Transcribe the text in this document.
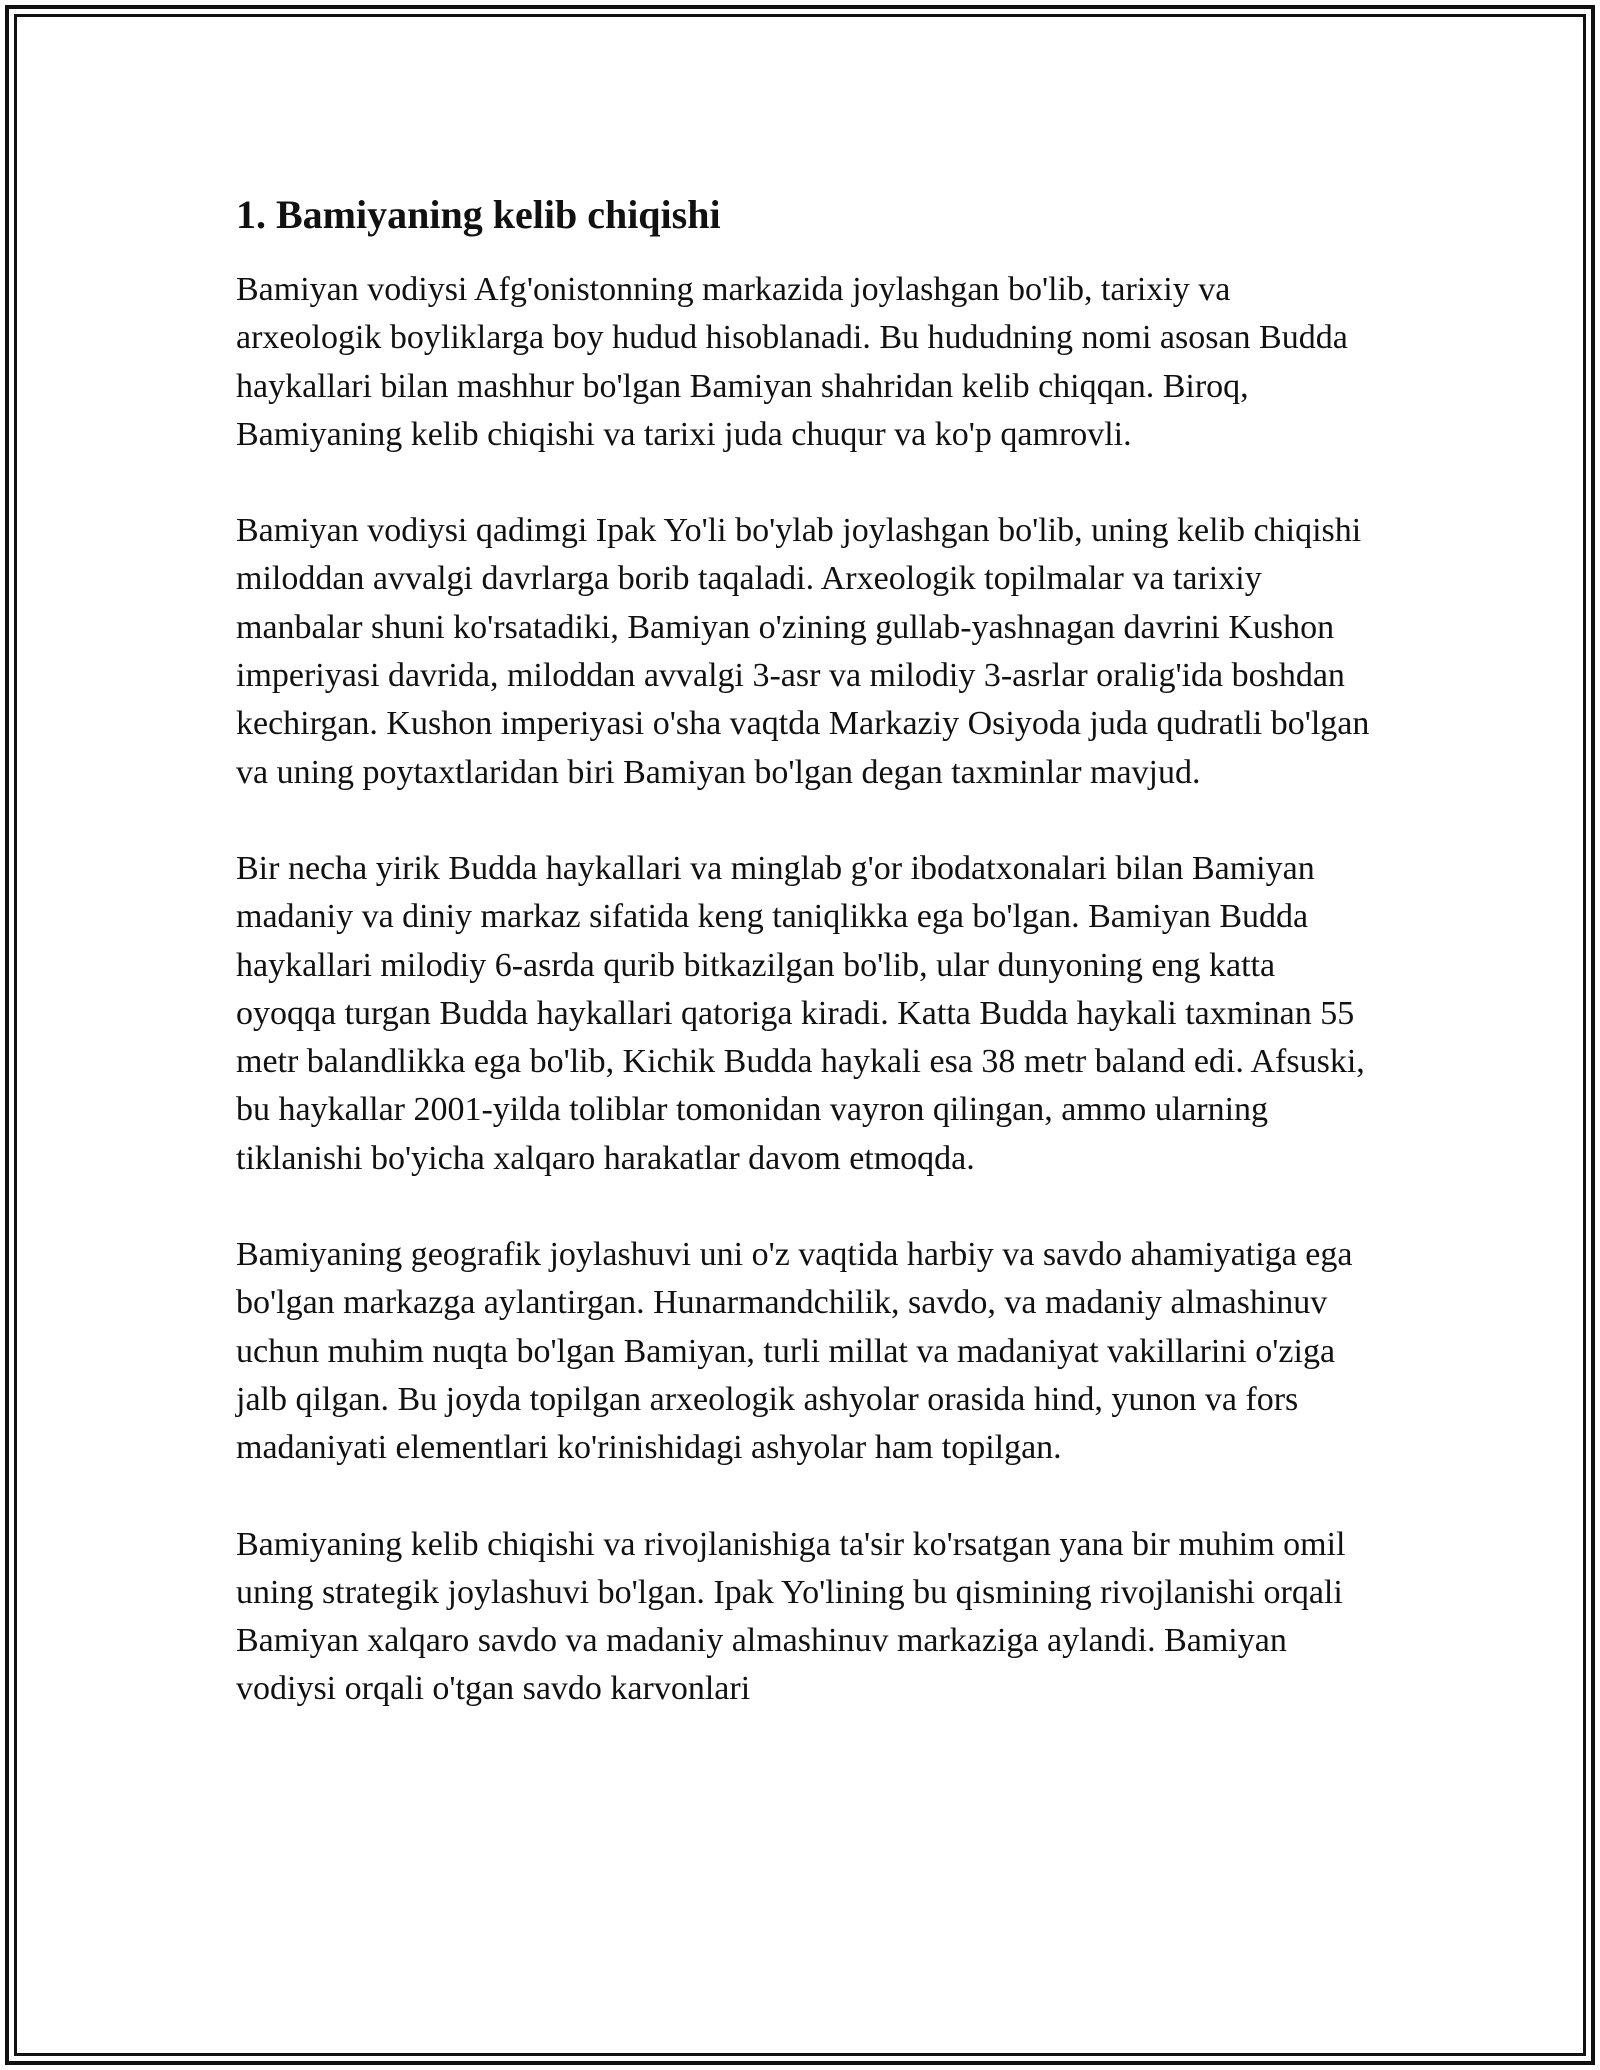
1. Bamiyaning kelib chiqishi

Bamiyan vodiysi Afg'onistonning markazida joylashgan bo'lib, tarixiy va arxeologik boyliklarga boy hudud hisoblanadi. Bu hududning nomi asosan Budda haykallari bilan mashhur bo'lgan Bamiyan shahridan kelib chiqqan. Biroq, Bamiyaning kelib chiqishi va tarixi juda chuqur va ko'p qamrovli.

Bamiyan vodiysi qadimgi Ipak Yo'li bo'ylab joylashgan bo'lib, uning kelib chiqishi miloddan avvalgi davrlarga borib taqaladi. Arxeologik topilmalar va tarixiy manbalar shuni ko'rsatadiki, Bamiyan o'zining gullab-yashnagan davrini Kushon imperiyasi davrida, miloddan avvalgi 3-asr va milodiy 3-asrlar oralig'ida boshdan kechirgan. Kushon imperiyasi o'sha vaqtda Markaziy Osiyoda juda qudratli bo'lgan va uning poytaxtlaridan biri Bamiyan bo'lgan degan taxminlar mavjud.

Bir necha yirik Budda haykallari va minglab g'or ibodatxonalari bilan Bamiyan madaniy va diniy markaz sifatida keng taniqlikka ega bo'lgan. Bamiyan Budda haykallari milodiy 6-asrda qurib bitkazilgan bo'lib, ular dunyoning eng katta oyoqqa turgan Budda haykallari qatoriga kiradi. Katta Budda haykali taxminan 55 metr balandlikka ega bo'lib, Kichik Budda haykali esa 38 metr baland edi. Afsuski, bu haykallar 2001-yilda toliblar tomonidan vayron qilingan, ammo ularning tiklanishi bo'yicha xalqaro harakatlar davom etmoqda.

Bamiyaning geografik joylashuvi uni o'z vaqtida harbiy va savdo ahamiyatiga ega bo'lgan markazga aylantirgan. Hunarmandchilik, savdo, va madaniy almashinuv uchun muhim nuqta bo'lgan Bamiyan, turli millat va madaniyat vakillarini o'ziga jalb qilgan. Bu joyda topilgan arxeologik ashyolar orasida hind, yunon va fors madaniyati elementlari ko'rinishidagi ashyolar ham topilgan.

Bamiyaning kelib chiqishi va rivojlanishiga ta'sir ko'rsatgan yana bir muhim omil uning strategik joylashuvi bo'lgan. Ipak Yo'lining bu qismining rivojlanishi orqali Bamiyan xalqaro savdo va madaniy almashinuv markaziga aylandi. Bamiyan vodiysi orqali o'tgan savdo karvonlari
